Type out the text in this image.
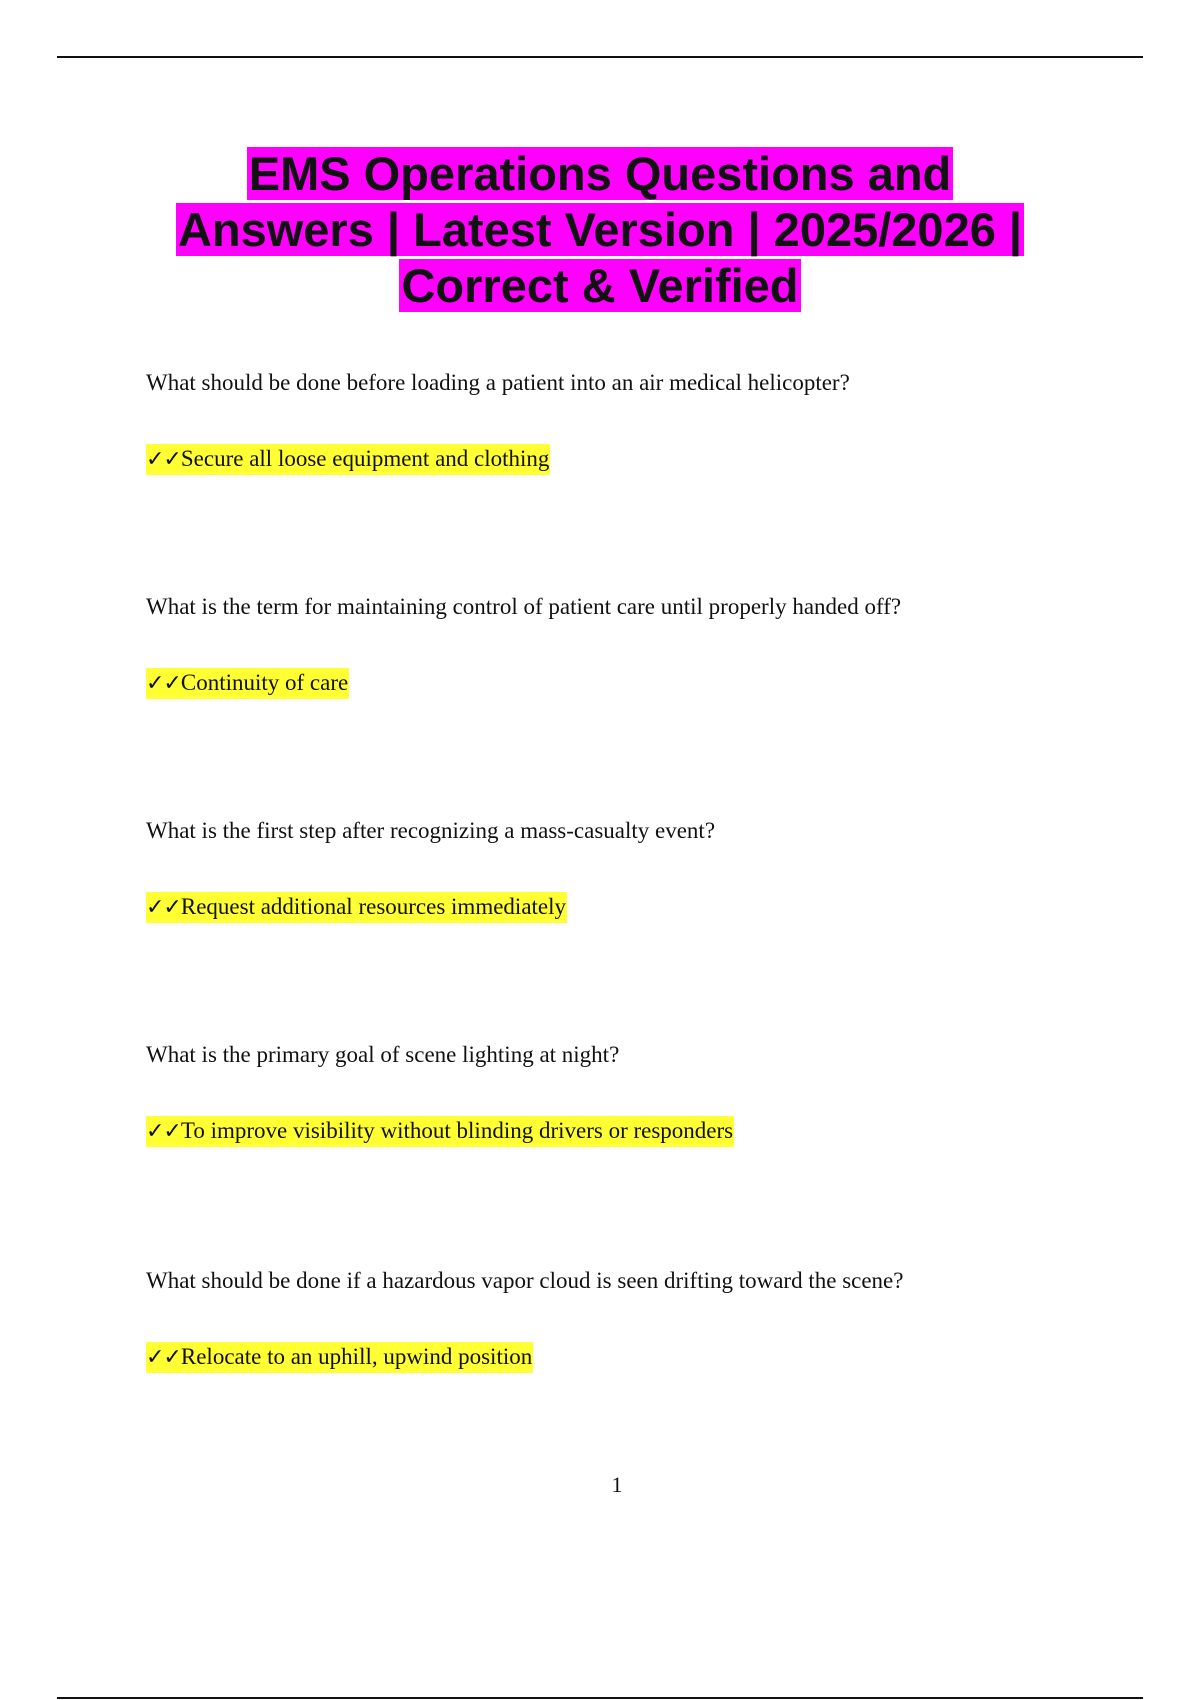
EMS Operations Questions and
Answers | Latest Version | 2025/2026 |
Correct & Verified
What should be done before loading a patient into an air medical helicopter?
✓✓Secure all loose equipment and clothing
What is the term for maintaining control of patient care until properly handed off?
✓✓Continuity of care
What is the first step after recognizing a mass-casualty event?
✓✓Request additional resources immediately
What is the primary goal of scene lighting at night?
✓✓To improve visibility without blinding drivers or responders
What should be done if a hazardous vapor cloud is seen drifting toward the scene?
✓✓Relocate to an uphill, upwind position
1
